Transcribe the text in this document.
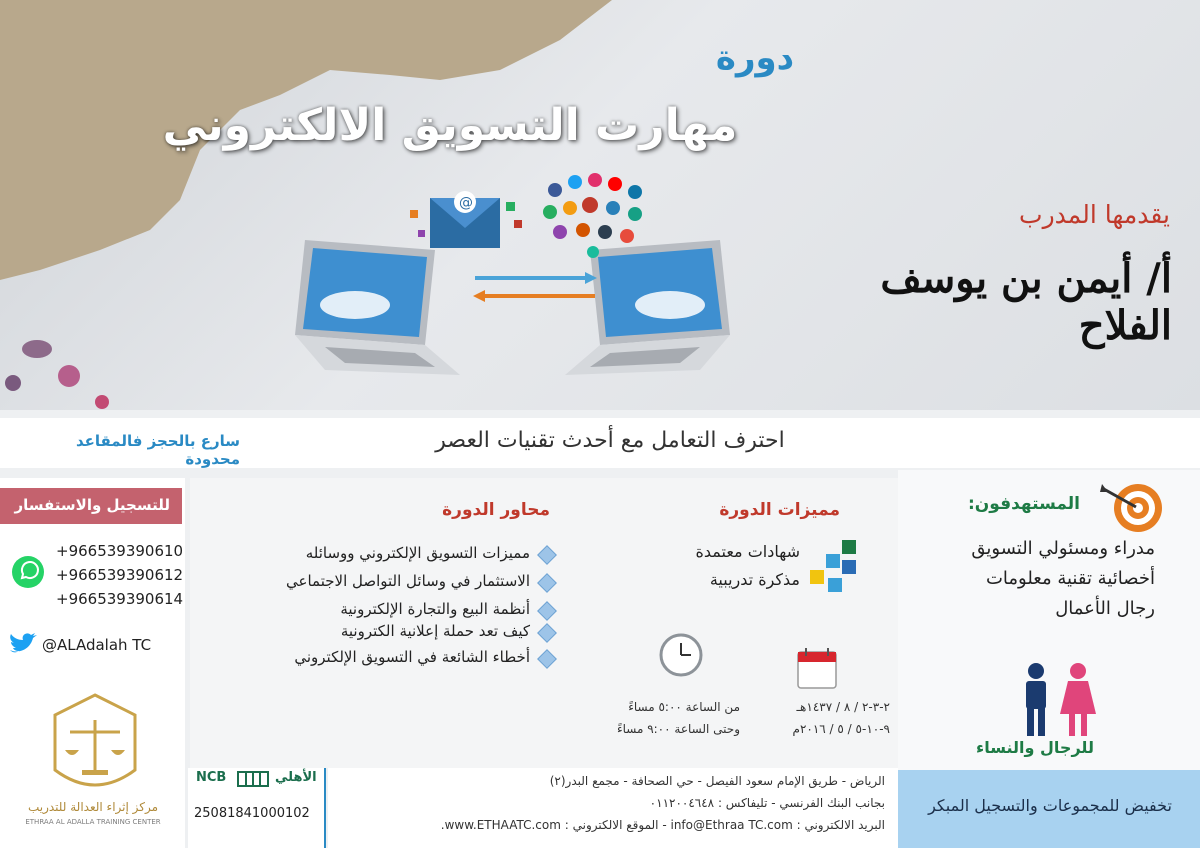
دورة
مهارت التسويق الالكتروني
يقدمها المدرب
أ/ أيمن بن يوسف الفلاح
@
احترف التعامل مع أحدث تقنيات العصر
سارع بالحجز فالمقاعد محدودة
للتسجيل والاستفسار
+966539390610
+966539390612
+966539390614
@ALAdalah TC
مركز إثراء العدالة للتدريب
ETHRAA AL ADALLA TRAINING CENTER
محاور الدورة
مميزات التسويق الإلكتروني ووسائله
الاستثمار في وسائل التواصل الاجتماعي
أنظمة البيع والتجارة الإلكترونية
كيف تعد حملة إعلانية الكترونية
أخطاء الشائعة في التسويق الإلكتروني
مميزات الدورة
شهادات معتمدة
مذكرة تدريبية
من الساعة ٥:٠٠ مساءً
وحتى الساعة ٩:٠٠ مساءً
٢-٣-٢ / ٨ / ١٤٣٧هـ
٩-١٠-٥ / ٥ / ٢٠١٦م
NCB	الأهلي
25081841000102
الرياض - طريق الإمام سعود الفيصل - حي الصحافة - مجمع البدر(٢)
بجانب البنك الفرنسي - تليفاكس : ٠١١٢٠٠٤٦٤٨
البريد الالكتروني : info@Ethraa TC.com - الموقع الالكتروني : www.ETHAATC.com.
المستهدفون:
مدراء ومسئولي التسويق
أخصائية تقنية معلومات
رجال الأعمال
للرجال والنساء
تخفيض للمجموعات والتسجيل المبكر
